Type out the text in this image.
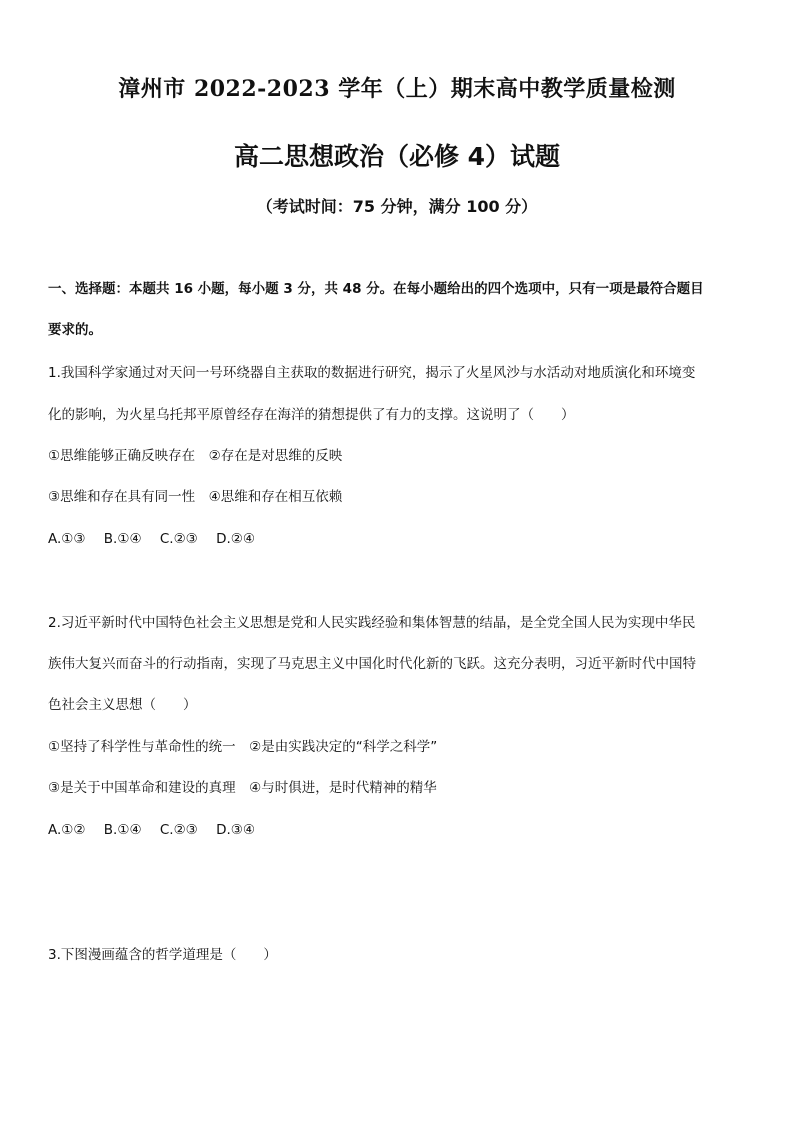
漳州市 2022-2023 学年（上）期末高中教学质量检测
高二思想政治（必修 4）试题
（考试时间：75 分钟，满分 100 分）
一、选择题：本题共 16 小题，每小题 3 分，共 48 分。在每小题给出的四个选项中，只有一项是最符合题目
要求的。
1.我国科学家通过对天问一号环绕器自主获取的数据进行研究，揭示了火星风沙与水活动对地质演化和环境变
化的影响，为火星乌托邦平原曾经存在海洋的猜想提供了有力的支撑。这说明了（　　）
①思维能够正确反映存在　②存在是对思维的反映
③思维和存在具有同一性　④思维和存在相互依赖
A.①③ B.①④ C.②③ D.②④
2.习近平新时代中国特色社会主义思想是党和人民实践经验和集体智慧的结晶，是全党全国人民为实现中华民
族伟大复兴而奋斗的行动指南，实现了马克思主义中国化时代化新的飞跃。这充分表明，习近平新时代中国特
色社会主义思想（　　）
①坚持了科学性与革命性的统一　②是由实践决定的“科学之科学”
③是关于中国革命和建设的真理　④与时俱进，是时代精神的精华
A.①② B.①④ C.②③ D.③④
3.下图漫画蕴含的哲学道理是（　　）
